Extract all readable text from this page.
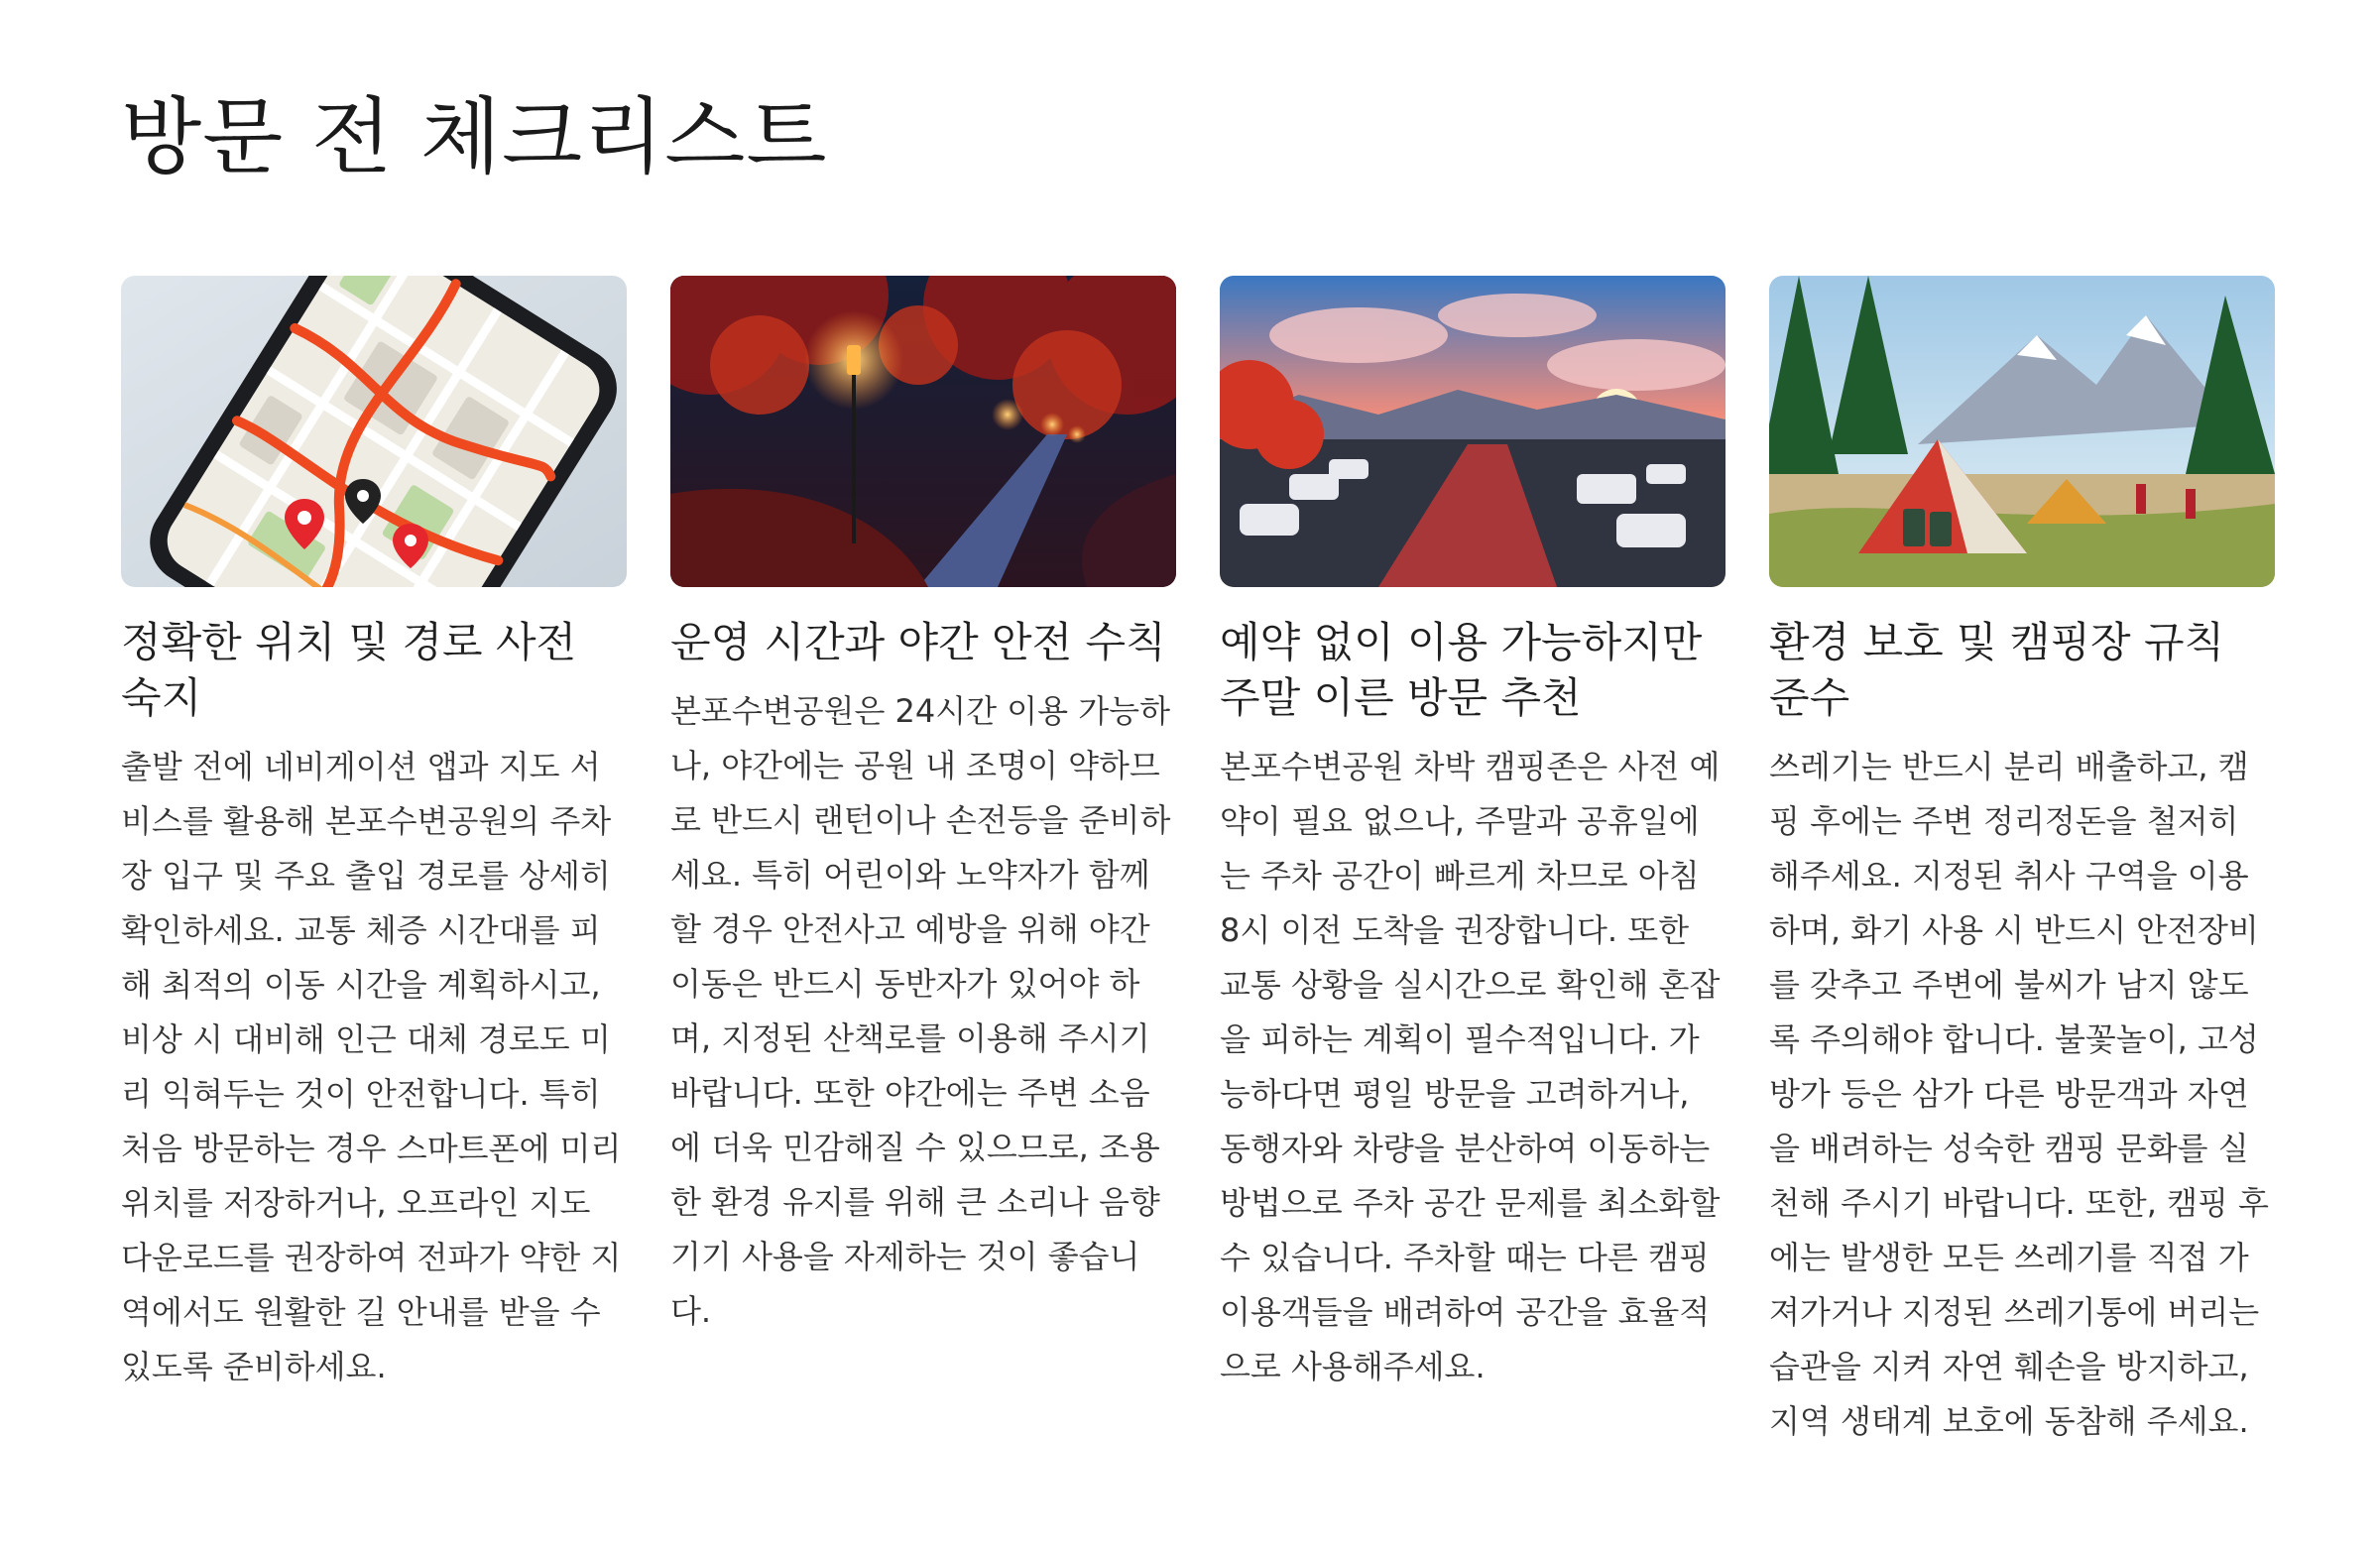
방문 전 체크리스트
정확한 위치 및 경로 사전 숙지

출발 전에 네비게이션 앱과 지도 서비스를 활용해 본포수변공원의 주차장 입구 및 주요 출입 경로를 상세히 확인하세요. 교통 체증 시간대를 피해 최적의 이동 시간을 계획하시고, 비상 시 대비해 인근 대체 경로도 미리 익혀두는 것이 안전합니다. 특히 처음 방문하는 경우 스마트폰에 미리 위치를 저장하거나, 오프라인 지도 다운로드를 권장하여 전파가 약한 지역에서도 원활한 길 안내를 받을 수 있도록 준비하세요.

운영 시간과 야간 안전 수칙

본포수변공원은 24시간 이용 가능하나, 야간에는 공원 내 조명이 약하므로 반드시 랜턴이나 손전등을 준비하세요. 특히 어린이와 노약자가 함께 할 경우 안전사고 예방을 위해 야간 이동은 반드시 동반자가 있어야 하며, 지정된 산책로를 이용해 주시기 바랍니다. 또한 야간에는 주변 소음에 더욱 민감해질 수 있으므로, 조용한 환경 유지를 위해 큰 소리나 음향 기기 사용을 자제하는 것이 좋습니다.

예약 없이 이용 가능하지만 주말 이른 방문 추천

본포수변공원 차박 캠핑존은 사전 예약이 필요 없으나, 주말과 공휴일에는 주차 공간이 빠르게 차므로 아침 8시 이전 도착을 권장합니다. 또한 교통 상황을 실시간으로 확인해 혼잡을 피하는 계획이 필수적입니다. 가능하다면 평일 방문을 고려하거나, 동행자와 차량을 분산하여 이동하는 방법으로 주차 공간 문제를 최소화할 수 있습니다. 주차할 때는 다른 캠핑 이용객들을 배려하여 공간을 효율적으로 사용해주세요.

환경 보호 및 캠핑장 규칙 준수

쓰레기는 반드시 분리 배출하고, 캠핑 후에는 주변 정리정돈을 철저히 해주세요. 지정된 취사 구역을 이용하며, 화기 사용 시 반드시 안전장비를 갖추고 주변에 불씨가 남지 않도록 주의해야 합니다. 불꽃놀이, 고성방가 등은 삼가 다른 방문객과 자연을 배려하는 성숙한 캠핑 문화를 실천해 주시기 바랍니다. 또한, 캠핑 후에는 발생한 모든 쓰레기를 직접 가져가거나 지정된 쓰레기통에 버리는 습관을 지켜 자연 훼손을 방지하고, 지역 생태계 보호에 동참해 주세요.
